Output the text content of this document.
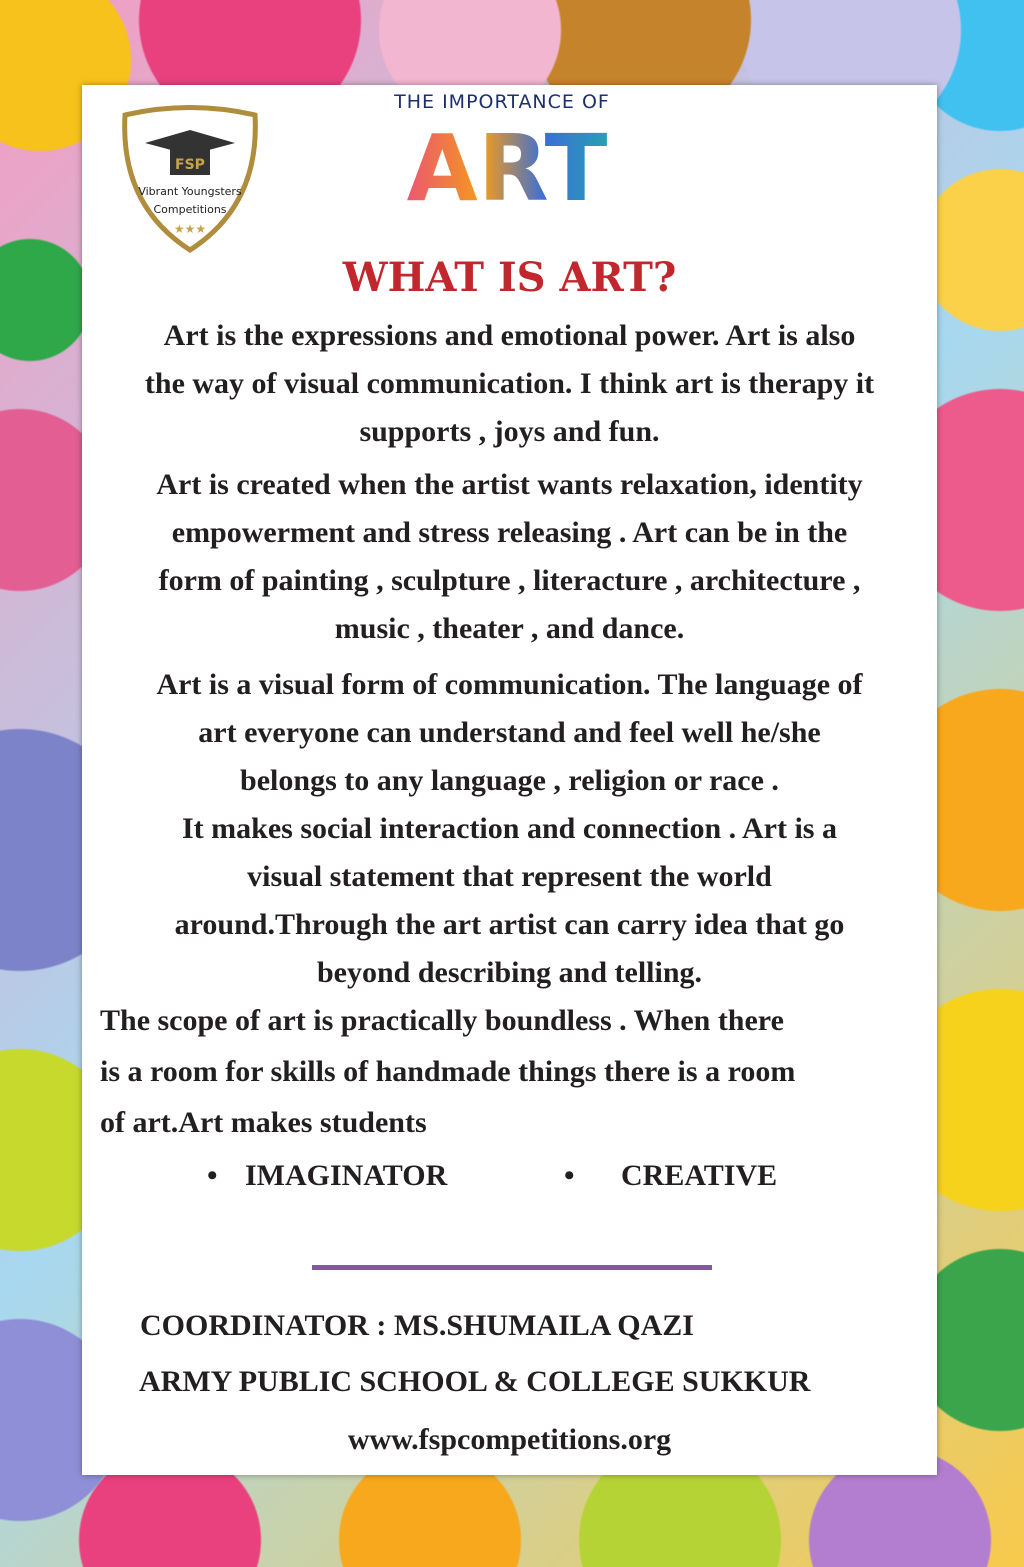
FSP
Vibrant Youngsters
Competitions
★★★
THE IMPORTANCE OF
ART
WHAT IS ART?
Art is the expressions and emotional power. Art is also
the way of visual communication. I think art is therapy it
supports , joys and fun.
Art is created when the artist wants relaxation, identity
empowerment and stress releasing . Art can be in the
form of painting , sculpture , literacture , architecture ,
music , theater , and dance.
Art is a visual form of communication. The language of
art everyone can understand and feel well he/she
belongs to any language , religion or race .
It makes social interaction and connection . Art is a
visual statement that represent the world
around.Through the art artist can carry idea that go
beyond describing and telling.
The scope of art is practically boundless . When there
is a room for skills of handmade things there is a room
of art.Art makes students
• IMAGINATOR	• CREATIVE
COORDINATOR : MS.SHUMAILA QAZI
ARMY PUBLIC SCHOOL & COLLEGE SUKKUR
www.fspcompetitions.org
